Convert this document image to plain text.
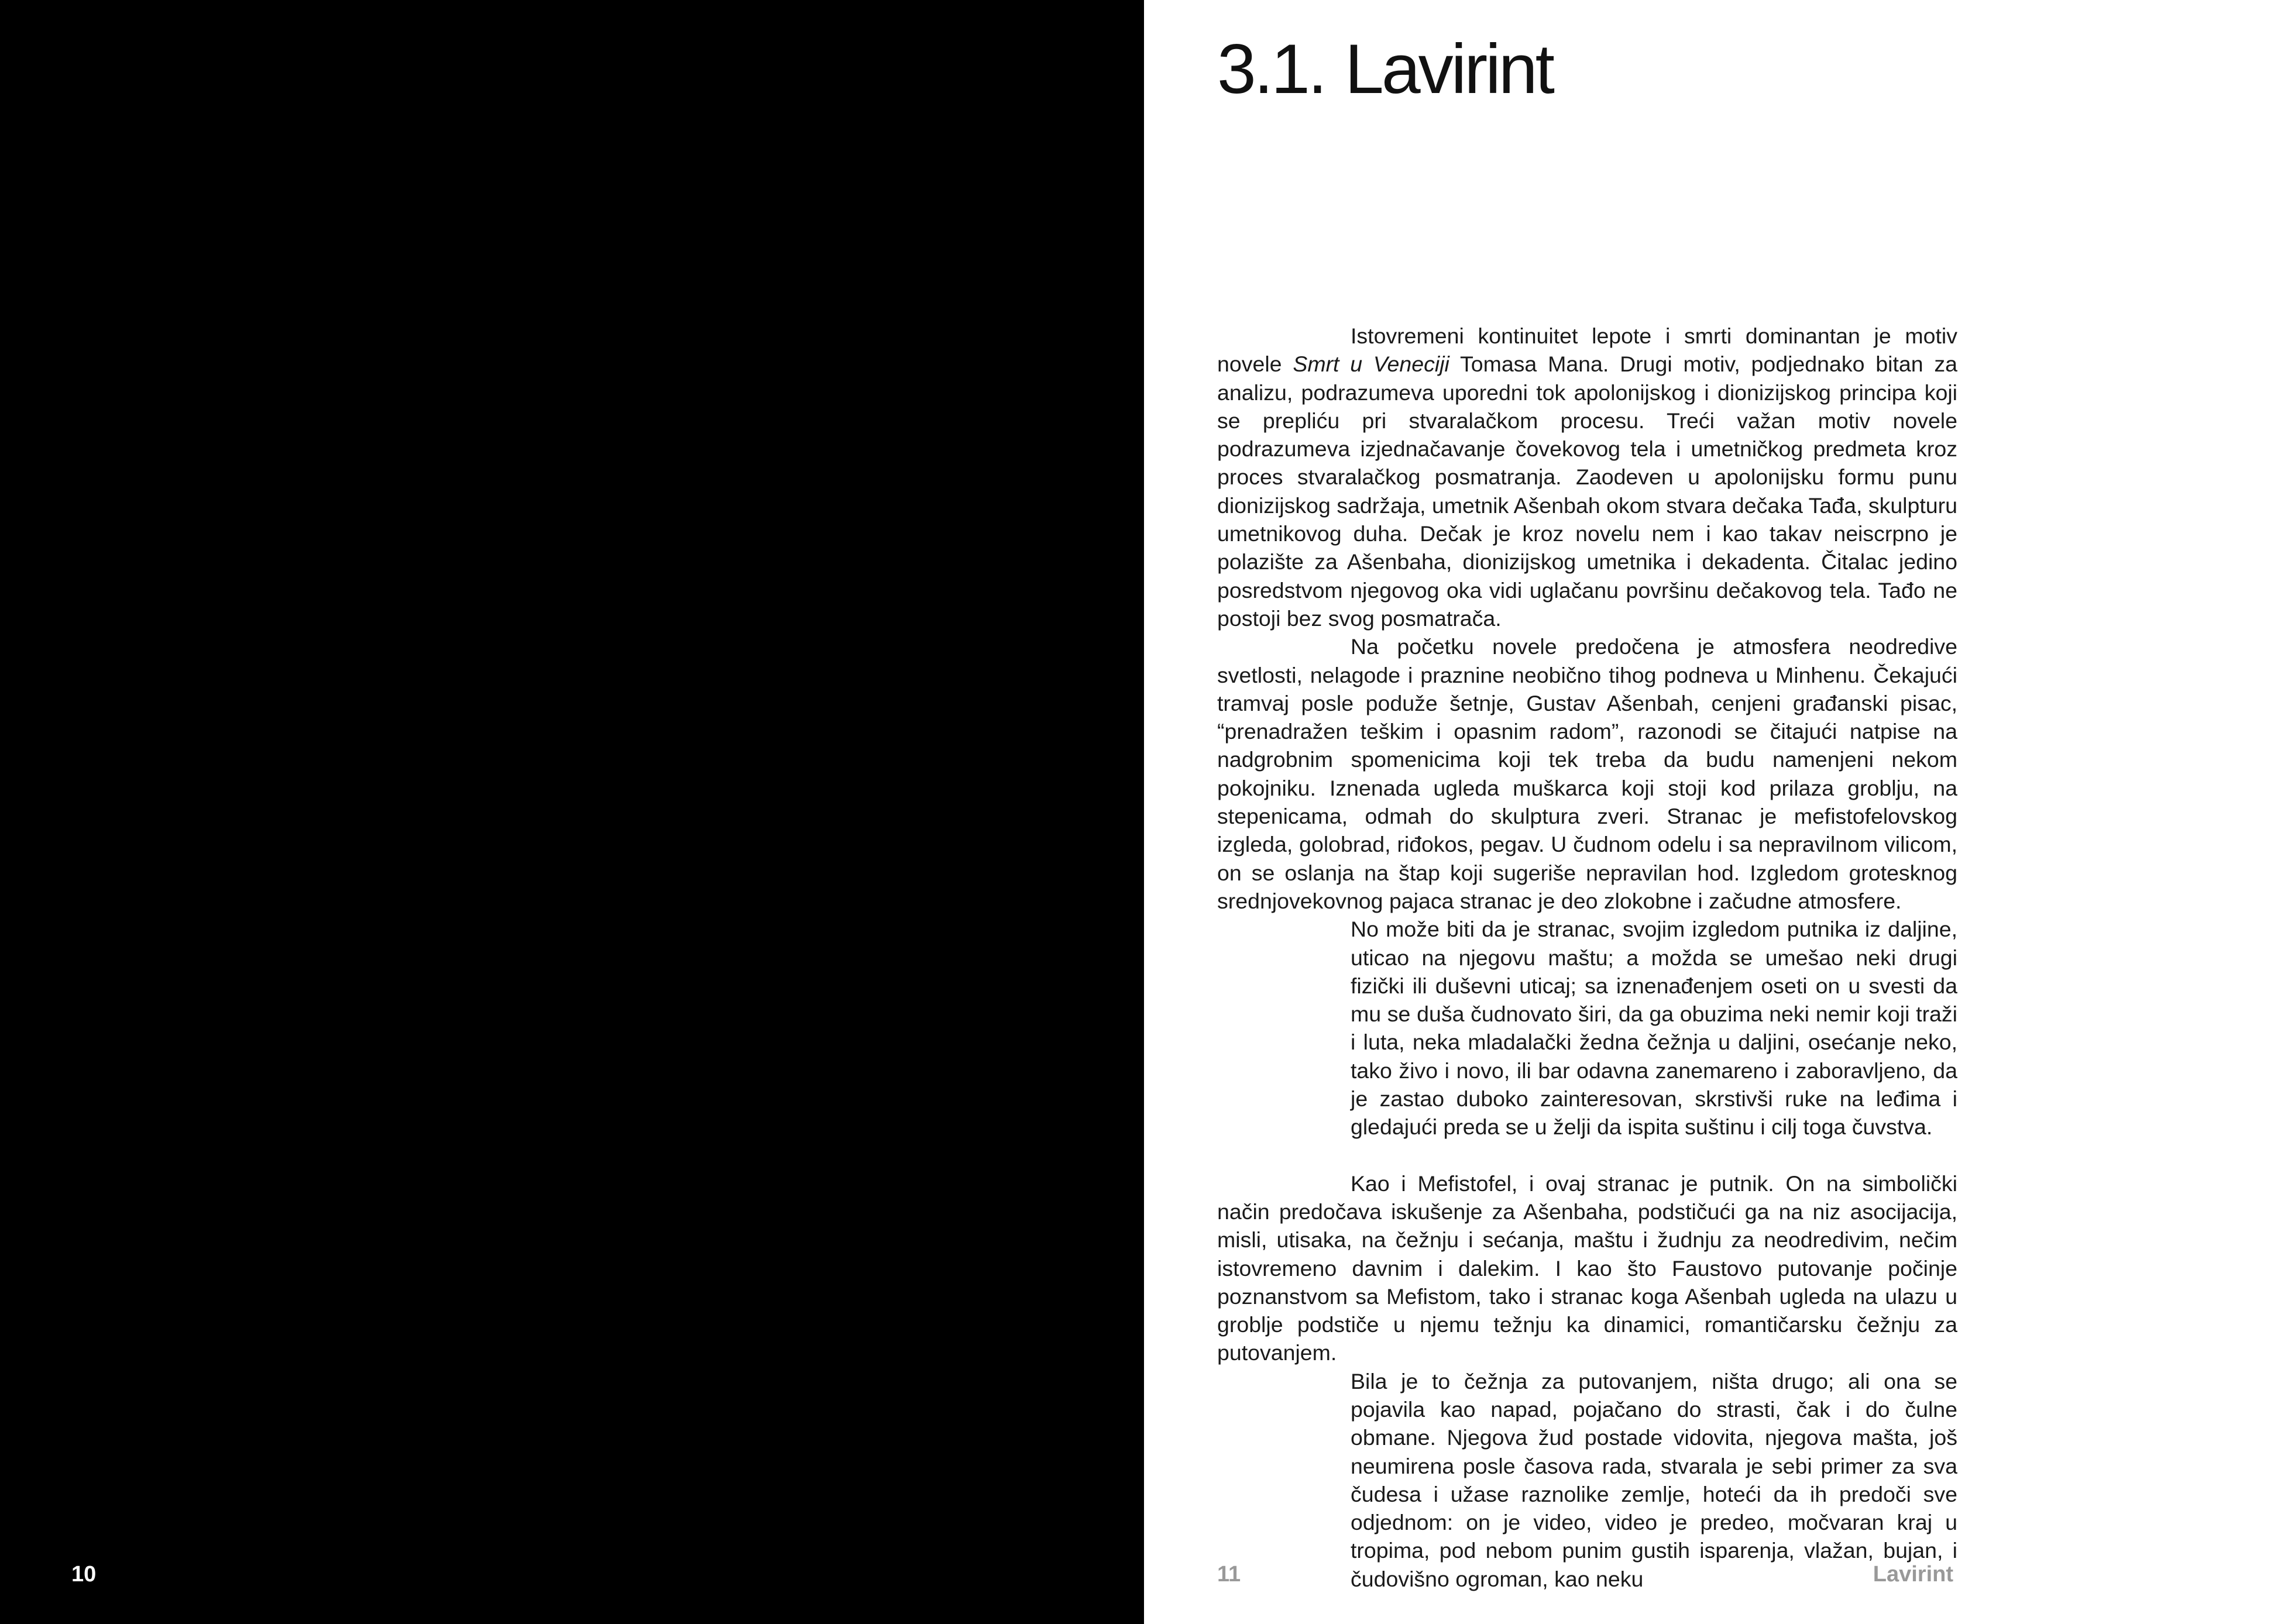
10
3.1. Lavirint

Istovremeni kontinuitet lepote i smrti dominantan je motiv novele Smrt u Veneciji Tomasa Mana. Drugi motiv, podjednako bitan za analizu, podrazumeva uporedni tok apolonijskog i dionizijskog principa koji se prepliću pri stvaralačkom procesu. Treći važan motiv novele podrazumeva izjednačavanje čovekovog tela i umetničkog predmeta kroz proces stvaralačkog posmatranja. Zaodeven u apolonijsku formu punu dionizijskog sadržaja, umetnik Ašenbah okom stvara dečaka Tađa, skulpturu umetnikovog duha. Dečak je kroz novelu nem i kao takav neiscrpno je polazište za Ašenbaha, dionizijskog umetnika i dekadenta. Čitalac jedino posredstvom njegovog oka vidi uglačanu površinu dečakovog tela. Tađo ne postoji bez svog posmatrača.

Na početku novele predočena je atmosfera neodredive svetlosti, nelagode i praznine neobično tihog podneva u Minhenu. Čekajući tramvaj posle poduže šetnje, Gustav Ašenbah, cenjeni građanski pisac, “prenadražen teškim i opasnim radom”, razonodi se čitajući natpise na nadgrobnim spomenicima koji tek treba da budu namenjeni nekom pokojniku. Iznenada ugleda muškarca koji stoji kod prilaza groblju, na stepenicama, odmah do skulptura zveri. Stranac je mefistofelovskog izgleda, golobrad, riđokos, pegav. U čudnom odelu i sa nepravilnom vilicom, on se oslanja na štap koji sugeriše nepravilan hod. Izgledom grotesknog srednjovekovnog pajaca stranac je deo zlokobne i začudne atmosfere.

No može biti da je stranac, svojim izgledom putnika iz daljine, uticao na njegovu maštu; a možda se umešao neki drugi fizički ili duševni uticaj; sa iznenađenjem oseti on u svesti da mu se duša čudnovato širi, da ga obuzima neki nemir koji traži i luta, neka mladalački žedna čežnja u daljini, osećanje neko, tako živo i novo, ili bar odavna zanemareno i zaboravljeno, da je zastao duboko zainteresovan, skrstivši ruke na leđima i gledajući preda se u želji da ispita suštinu i cilj toga čuvstva.

Kao i Mefistofel, i ovaj stranac je putnik. On na simbolički način predočava iskušenje za Ašenbaha, podstičući ga na niz asocijacija, misli, utisaka, na čežnju i sećanja, maštu i žudnju za neodredivim, nečim istovremeno davnim i dalekim. I kao što Faustovo putovanje počinje poznanstvom sa Mefistom, tako i stranac koga Ašenbah ugleda na ulazu u groblje podstiče u njemu težnju ka dinamici, romantičarsku čežnju za putovanjem.

Bila je to čežnja za putovanjem, ništa drugo; ali ona se pojavila kao napad, pojačano do strasti, čak i do čulne obmane. Njegova žud postade vidovita, njegova mašta, još neumirena posle časova rada, stvarala je sebi primer za sva čudesa i užase raznolike zemlje, hoteći da ih predoči sve odjednom: on je video, video je predeo, močvaran kraj u tropima, pod nebom punim gustih isparenja, vlažan, bujan, i čudovišno ogroman, kao neku

11	Lavirint
